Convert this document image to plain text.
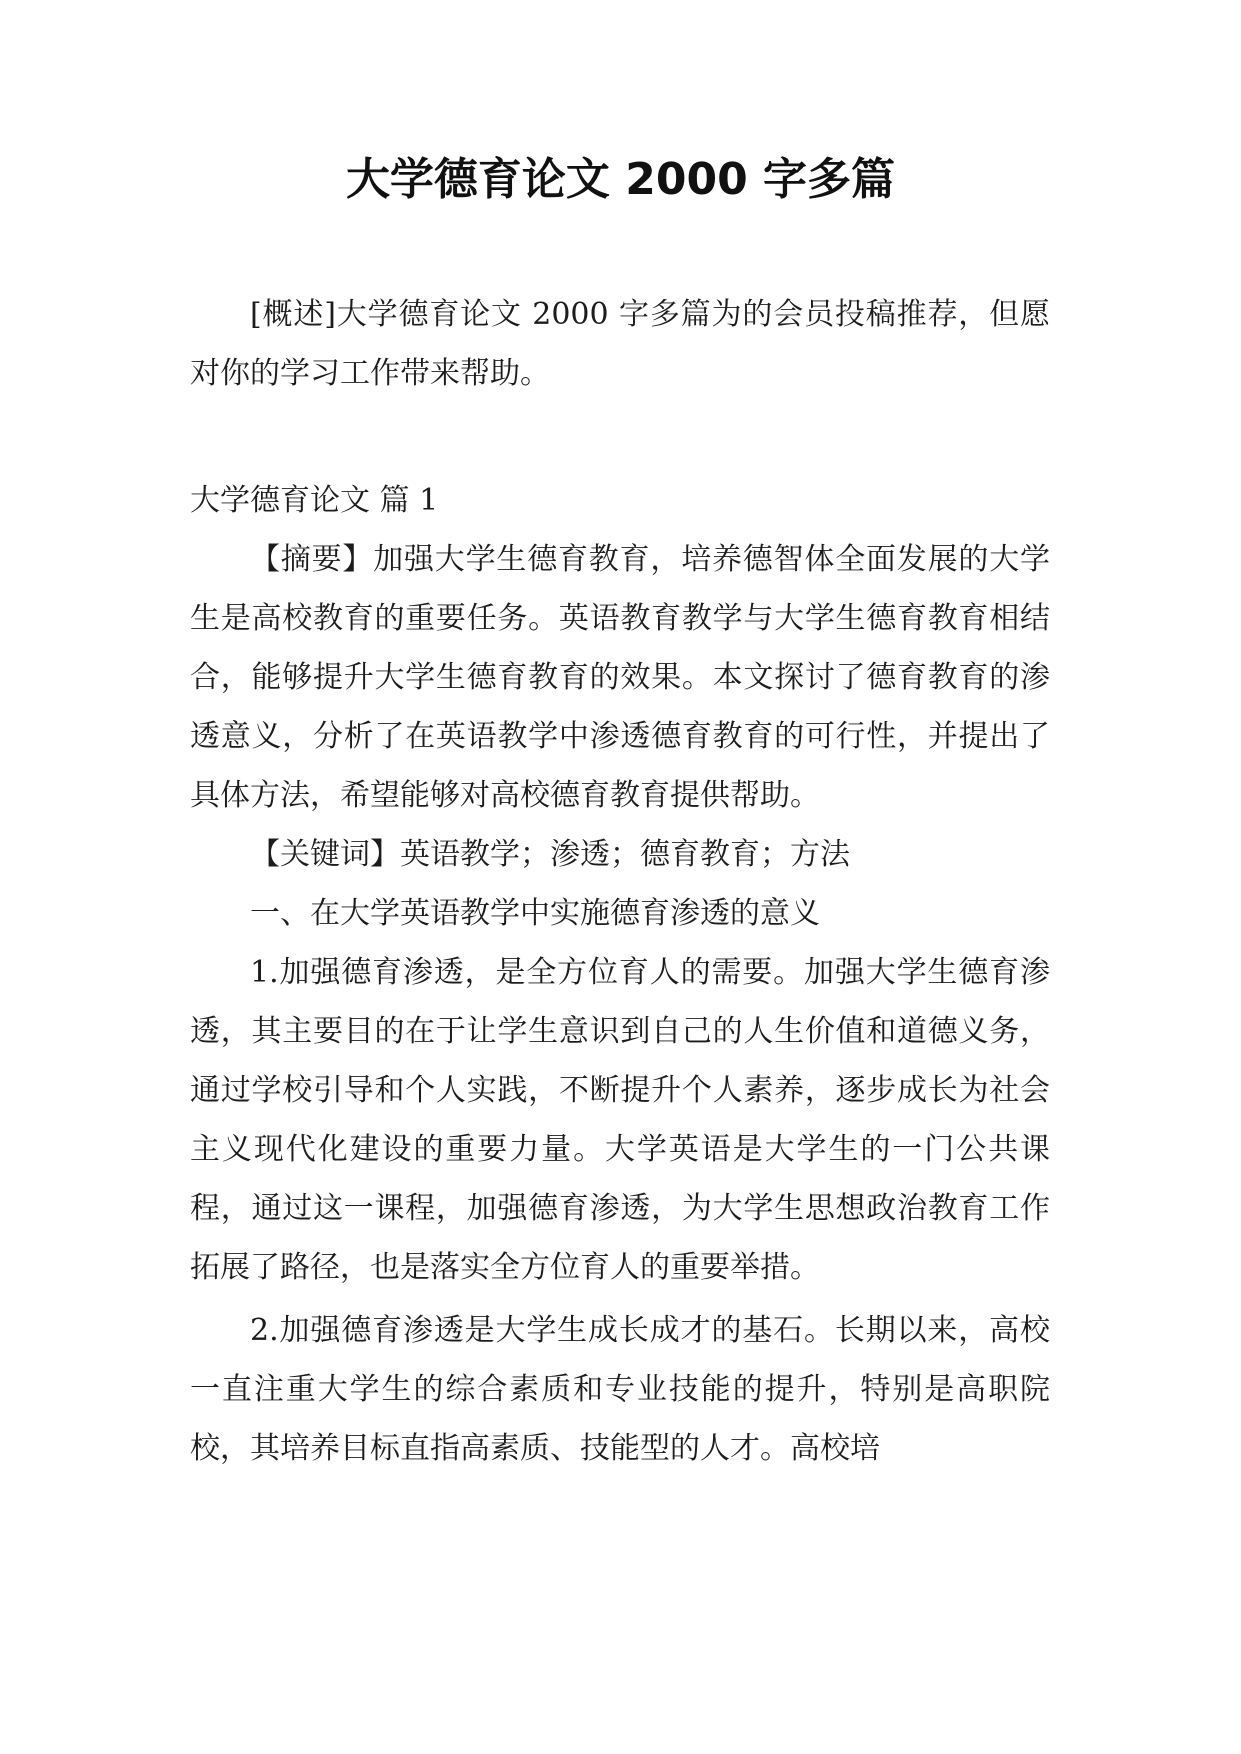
大学德育论文 2000 字多篇

[概述]大学德育论文 2000 字多篇为的会员投稿推荐，但愿对你的学习工作带来帮助。

大学德育论文 篇 1

【摘要】加强大学生德育教育，培养德智体全面发展的大学生是高校教育的重要任务。英语教育教学与大学生德育教育相结合，能够提升大学生德育教育的效果。本文探讨了德育教育的渗透意义，分析了在英语教学中渗透德育教育的可行性，并提出了具体方法，希望能够对高校德育教育提供帮助。

【关键词】英语教学；渗透；德育教育；方法

一、在大学英语教学中实施德育渗透的意义

1.加强德育渗透，是全方位育人的需要。加强大学生德育渗透，其主要目的在于让学生意识到自己的人生价值和道德义务，通过学校引导和个人实践，不断提升个人素养，逐步成长为社会主义现代化建设的重要力量。大学英语是大学生的一门公共课程，通过这一课程，加强德育渗透，为大学生思想政治教育工作拓展了路径，也是落实全方位育人的重要举措。

2.加强德育渗透是大学生成长成才的基石。长期以来，高校一直注重大学生的综合素质和专业技能的提升，特别是高职院校，其培养目标直指高素质、技能型的人才。高校培
